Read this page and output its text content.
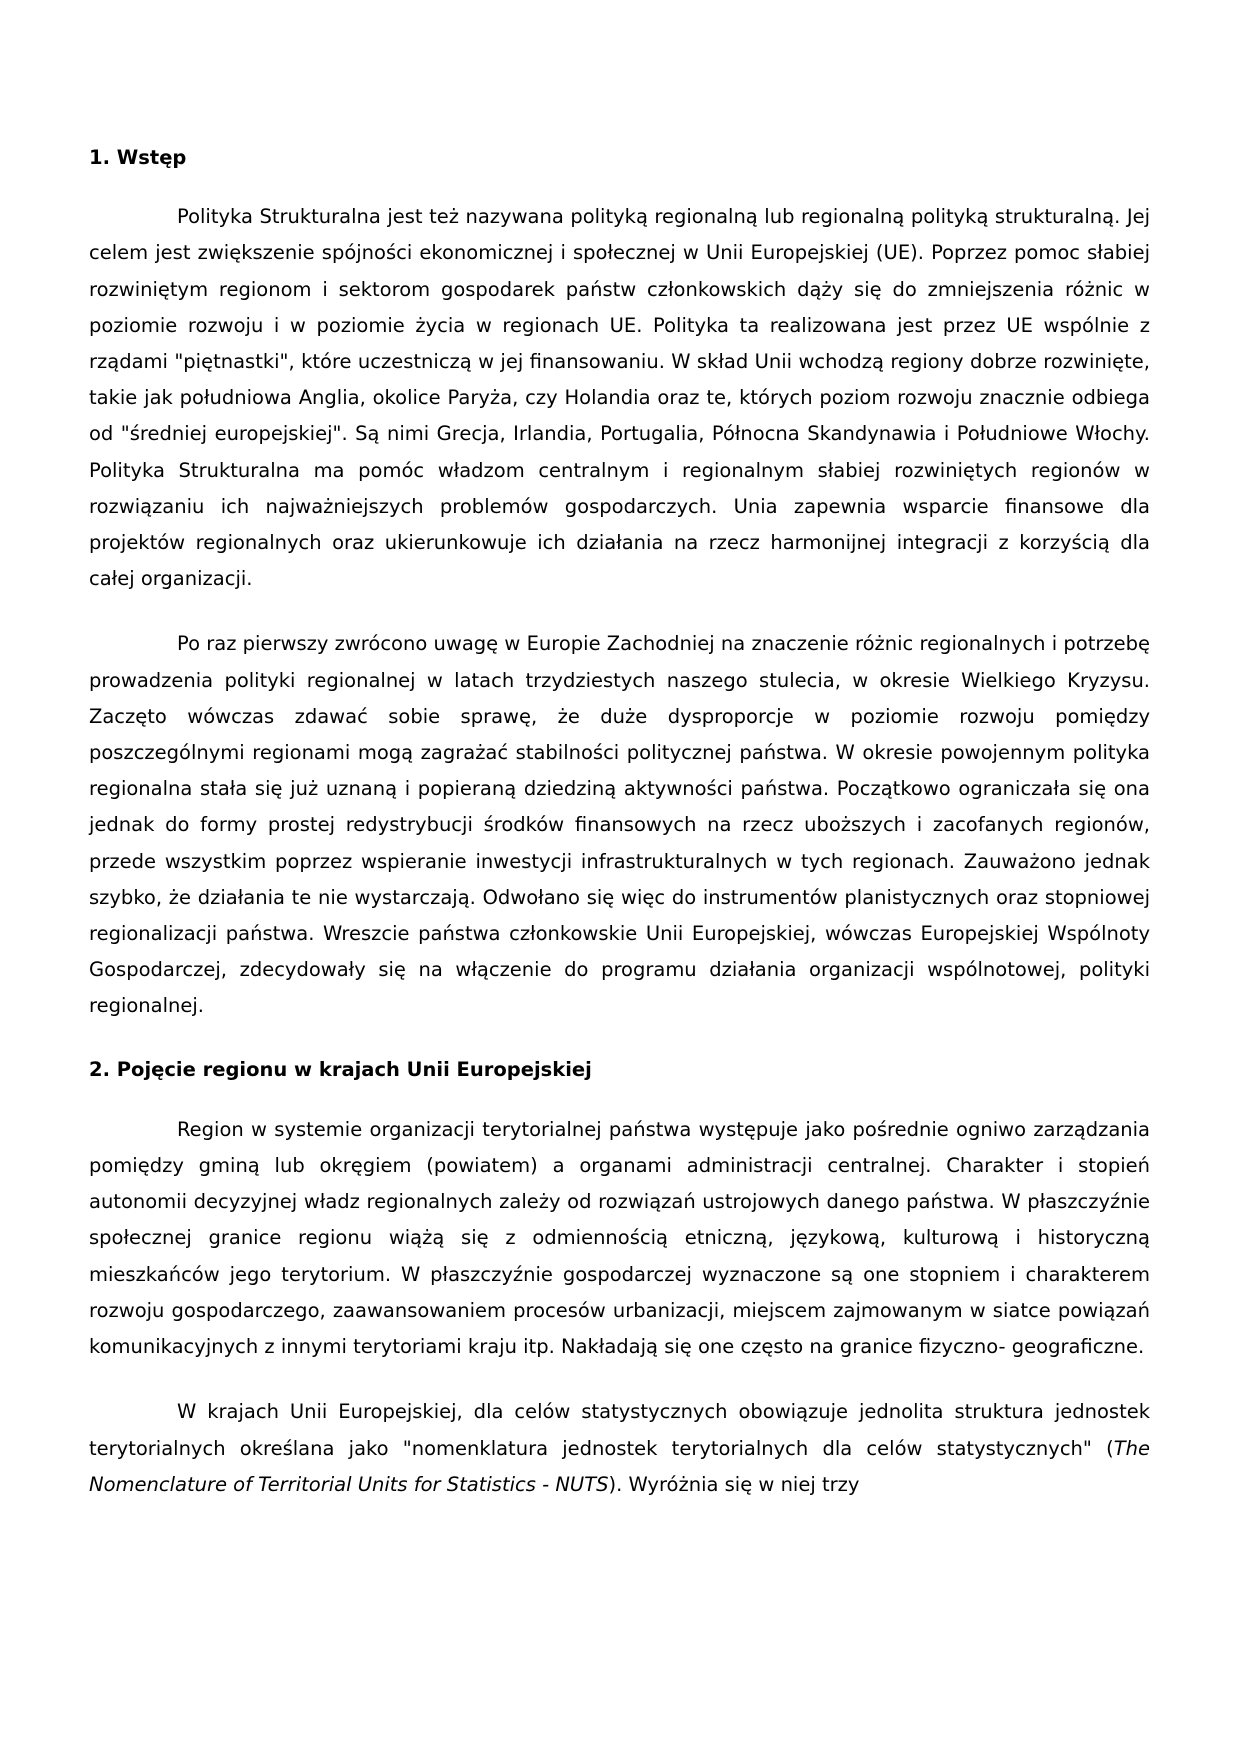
1. Wstęp

Polityka Strukturalna jest też nazywana polityką regionalną lub regionalną polityką strukturalną. Jej celem jest zwiększenie spójności ekonomicznej i społecznej w Unii Europejskiej (UE). Poprzez pomoc słabiej rozwiniętym regionom i sektorom gospodarek państw członkowskich dąży się do zmniejszenia różnic w poziomie rozwoju i w poziomie życia w regionach UE. Polityka ta realizowana jest przez UE wspólnie z rządami "piętnastki", które uczestniczą w jej finansowaniu. W skład Unii wchodzą regiony dobrze rozwinięte, takie jak południowa Anglia, okolice Paryża, czy Holandia oraz te, których poziom rozwoju znacznie odbiega od "średniej europejskiej". Są nimi Grecja, Irlandia, Portugalia, Północna Skandynawia i Południowe Włochy. Polityka Strukturalna ma pomóc władzom centralnym i regionalnym słabiej rozwiniętych regionów w rozwiązaniu ich najważniejszych problemów gospodarczych. Unia zapewnia wsparcie finansowe dla projektów regionalnych oraz ukierunkowuje ich działania na rzecz harmonijnej integracji z korzyścią dla całej organizacji.

Po raz pierwszy zwrócono uwagę w Europie Zachodniej na znaczenie różnic regionalnych i potrzebę prowadzenia polityki regionalnej w latach trzydziestych naszego stulecia, w okresie Wielkiego Kryzysu. Zaczęto wówczas zdawać sobie sprawę, że duże dysproporcje w poziomie rozwoju pomiędzy poszczególnymi regionami mogą zagrażać stabilności politycznej państwa. W okresie powojennym polityka regionalna stała się już uznaną i popieraną dziedziną aktywności państwa. Początkowo ograniczała się ona jednak do formy prostej redystrybucji środków finansowych na rzecz uboższych i zacofanych regionów, przede wszystkim poprzez wspieranie inwestycji infrastrukturalnych w tych regionach. Zauważono jednak szybko, że działania te nie wystarczają. Odwołano się więc do instrumentów planistycznych oraz stopniowej regionalizacji państwa. Wreszcie państwa członkowskie Unii Europejskiej, wówczas Europejskiej Wspólnoty Gospodarczej, zdecydowały się na włączenie do programu działania organizacji wspólnotowej, polityki regionalnej.

2. Pojęcie regionu w krajach Unii Europejskiej

Region w systemie organizacji terytorialnej państwa występuje jako pośrednie ogniwo zarządzania pomiędzy gminą lub okręgiem (powiatem) a organami administracji centralnej. Charakter i stopień autonomii decyzyjnej władz regionalnych zależy od rozwiązań ustrojowych danego państwa. W płaszczyźnie społecznej granice regionu wiążą się z odmiennością etniczną, językową, kulturową i historyczną mieszkańców jego terytorium. W płaszczyźnie gospodarczej wyznaczone są one stopniem i charakterem rozwoju gospodarczego, zaawansowaniem procesów urbanizacji, miejscem zajmowanym w siatce powiązań komunikacyjnych z innymi terytoriami kraju itp. Nakładają się one często na granice fizyczno- geograficzne.

W krajach Unii Europejskiej, dla celów statystycznych obowiązuje jednolita struktura jednostek terytorialnych określana jako "nomenklatura jednostek terytorialnych dla celów statystycznych" (The Nomenclature of Territorial Units for Statistics - NUTS). Wyróżnia się w niej trzy
